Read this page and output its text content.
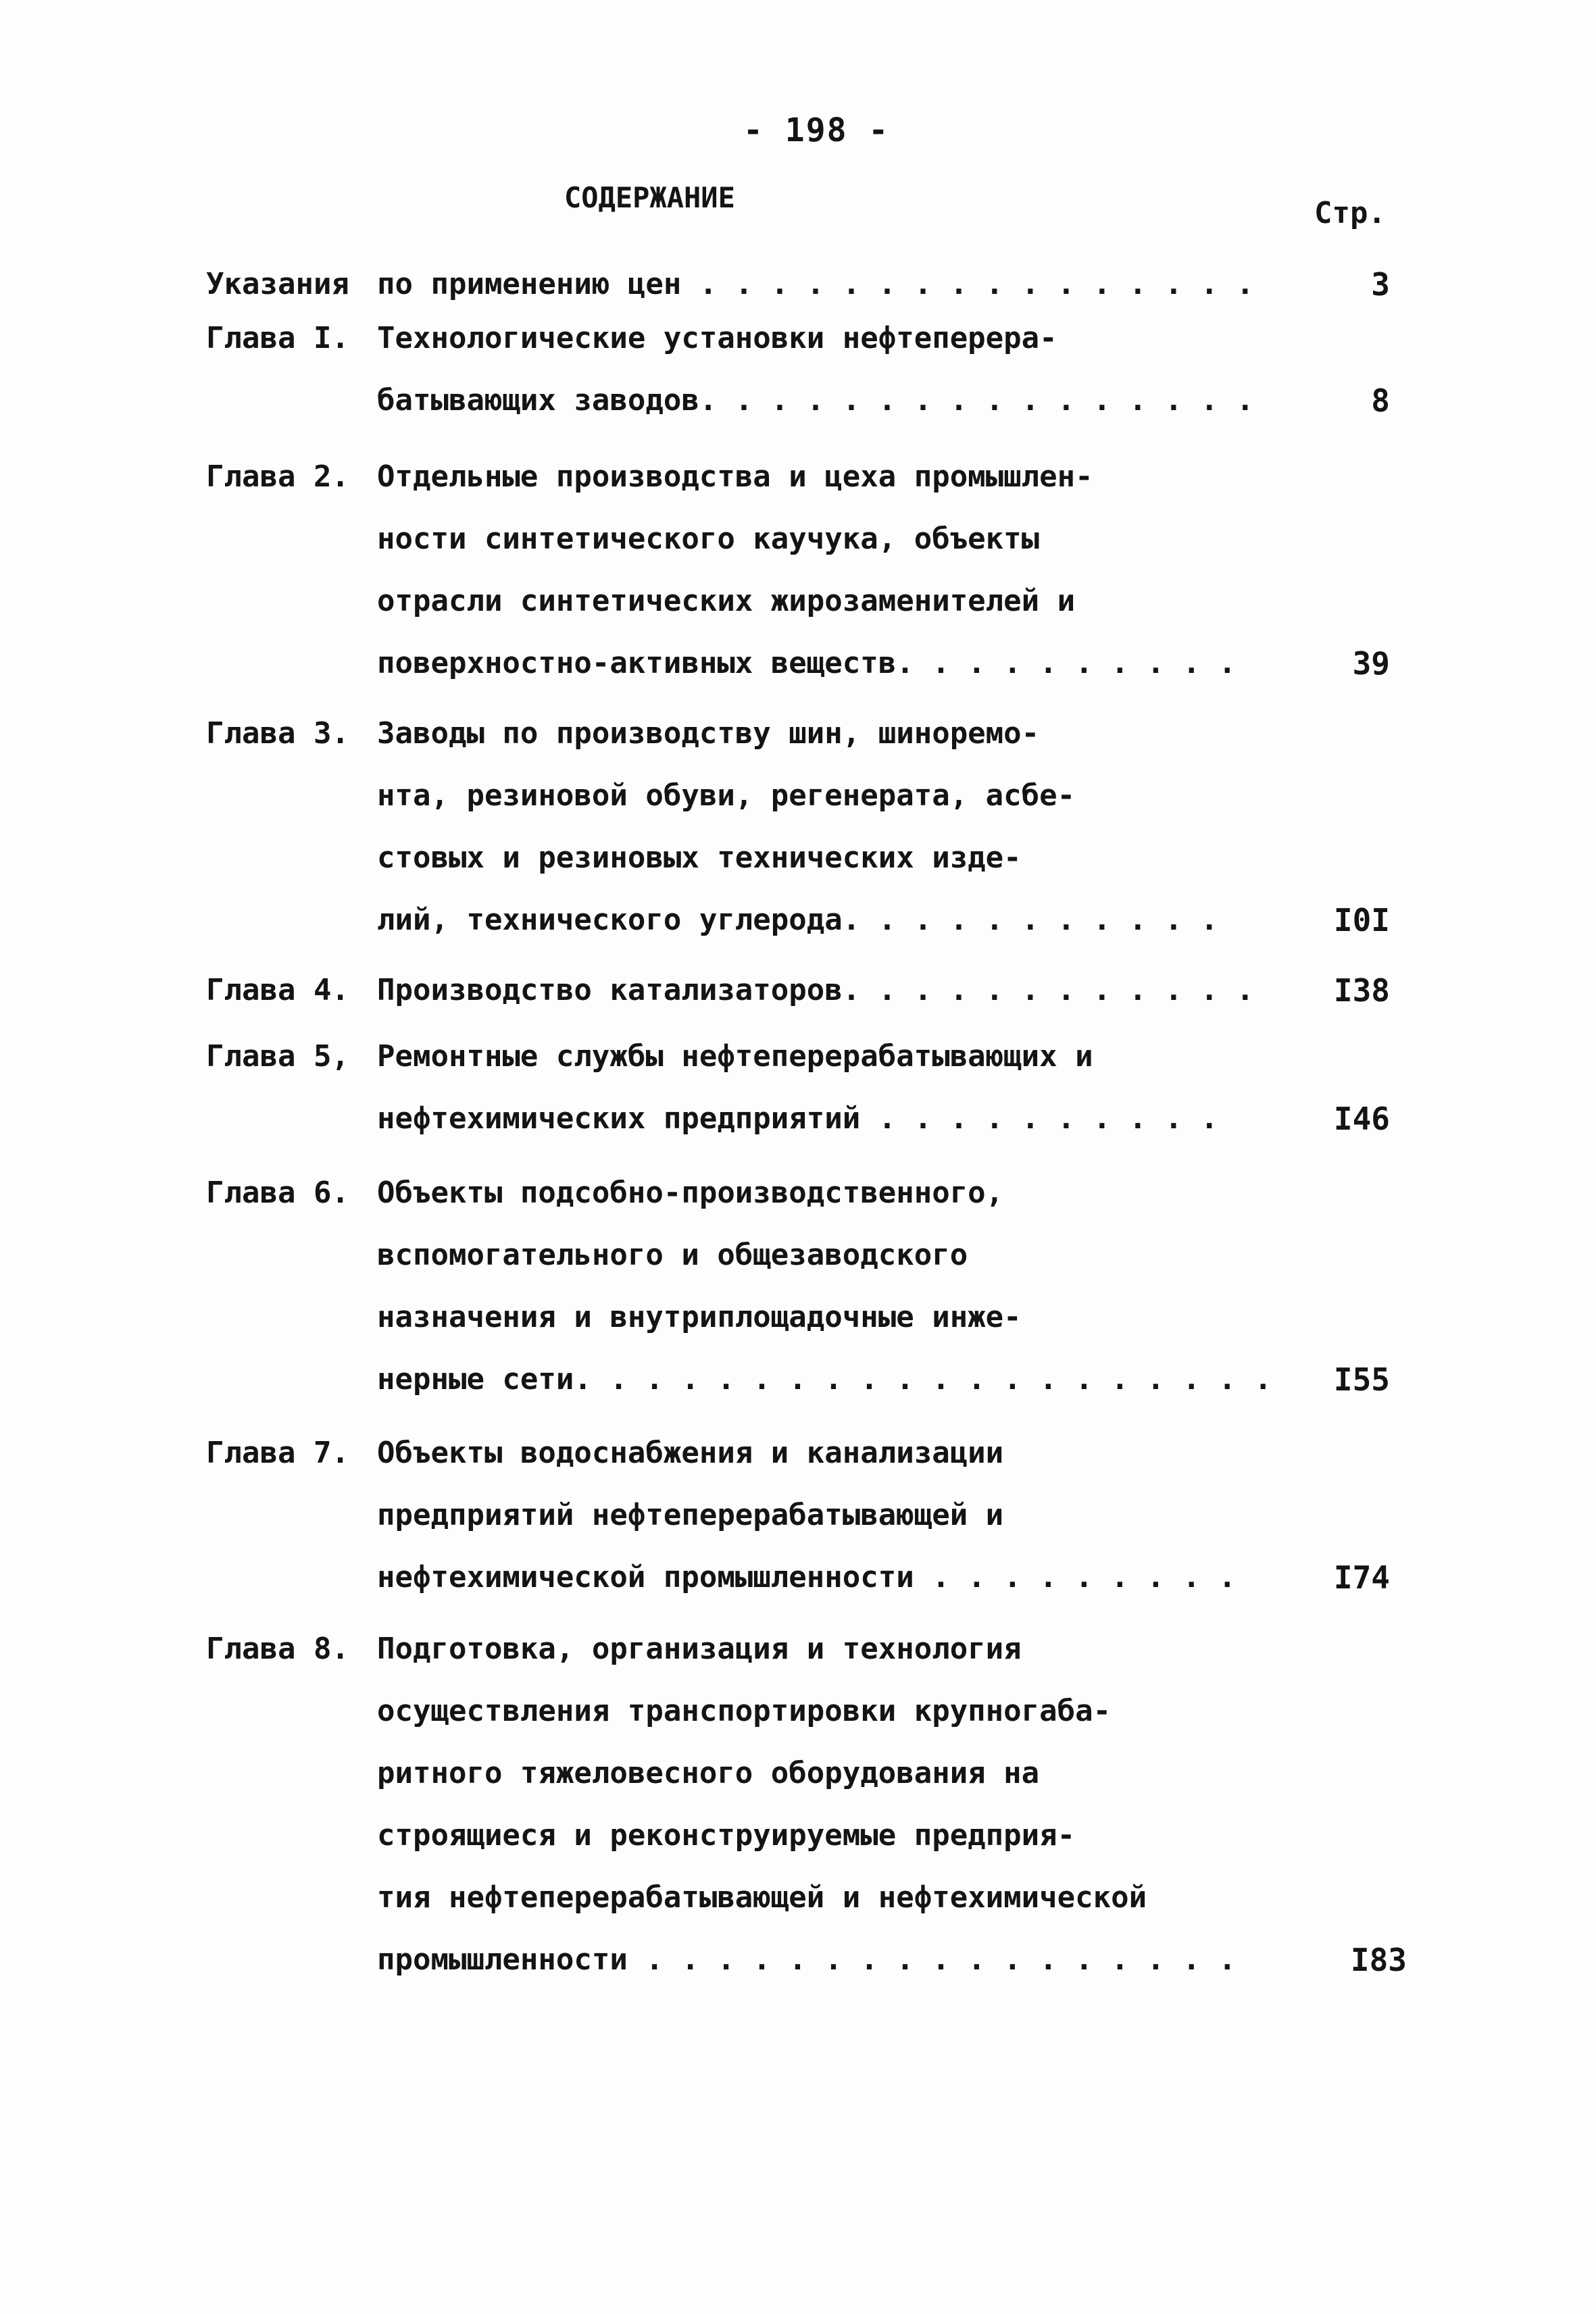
- 198 -
СОДЕРЖАНИЕ	Стр.
Указания по применению цен . . . . . . . . . . . . . . . .	3
Глава I. Технологические установки нефтеперера-
батывающих заводов. . . . . . . . . . . . . . . .	8
Глава 2. Отдельные производства и цеха промышлен-
ности синтетического каучука, объекты
отрасли синтетических жирозаменителей и
поверхностно-активных веществ. . . . . . . . . .	39
Глава 3. Заводы по производству шин, шиноремо-
нта, резиновой обуви, регенерата, асбе-
стовых и резиновых технических изде-
лий, технического углерода. . . . . . . . . . .	I0I
Глава 4. Производство катализаторов. . . . . . . . . . . .	I38
Глава 5, Ремонтные службы нефтеперерабатывающих и
нефтехимических предприятий . . . . . . . . . .	I46
Глава 6. Объекты подсобно-производственного,
вспомогательного и общезаводского
назначения и внутриплощадочные инже-
нерные сети. . . . . . . . . . . . . . . . . . . .	I55
Глава 7. Объекты водоснабжения и канализации
предприятий нефтеперерабатывающей и
нефтехимической промышленности . . . . . . . . .	I74
Глава 8. Подготовка, организация и технология
осуществления транспортировки крупногаба-
ритного тяжеловесного оборудования на
строящиеся и реконструируемые предприя-
тия нефтеперерабатывающей и нефтехимической
промышленности . . . . . . . . . . . . . . . . .	I83
